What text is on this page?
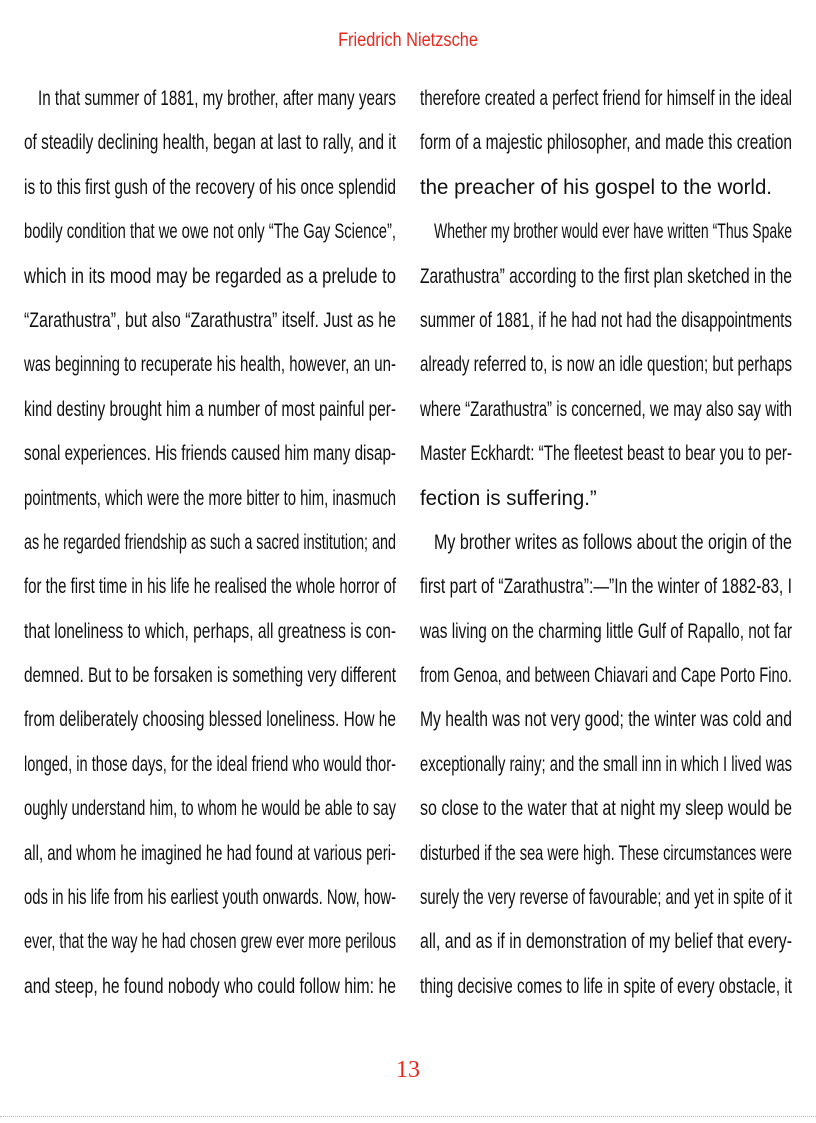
Friedrich Nietzsche
In that summer of 1881, my brother, after many years
of steadily declining health, began at last to rally, and it
is to this first gush of the recovery of his once splendid
bodily condition that we owe not only “The Gay Science”,
which in its mood may be regarded as a prelude to
“Zarathustra”, but also “Zarathustra” itself. Just as he
was beginning to recuperate his health, however, an un-
kind destiny brought him a number of most painful per-
sonal experiences. His friends caused him many disap-
pointments, which were the more bitter to him, inasmuch
as he regarded friendship as such a sacred institution; and
for the first time in his life he realised the whole horror of
that loneliness to which, perhaps, all greatness is con-
demned. But to be forsaken is something very different
from deliberately choosing blessed loneliness. How he
longed, in those days, for the ideal friend who would thor-
oughly understand him, to whom he would be able to say
all, and whom he imagined he had found at various peri-
ods in his life from his earliest youth onwards. Now, how-
ever, that the way he had chosen grew ever more perilous
and steep, he found nobody who could follow him: he
therefore created a perfect friend for himself in the ideal
form of a majestic philosopher, and made this creation
the preacher of his gospel to the world.
Whether my brother would ever have written “Thus Spake
Zarathustra” according to the first plan sketched in the
summer of 1881, if he had not had the disappointments
already referred to, is now an idle question; but perhaps
where “Zarathustra” is concerned, we may also say with
Master Eckhardt: “The fleetest beast to bear you to per-
fection is suffering.”
My brother writes as follows about the origin of the
first part of “Zarathustra”:—”In the winter of 1882-83, I
was living on the charming little Gulf of Rapallo, not far
from Genoa, and between Chiavari and Cape Porto Fino.
My health was not very good; the winter was cold and
exceptionally rainy; and the small inn in which I lived was
so close to the water that at night my sleep would be
disturbed if the sea were high. These circumstances were
surely the very reverse of favourable; and yet in spite of it
all, and as if in demonstration of my belief that every-
thing decisive comes to life in spite of every obstacle, it
13
